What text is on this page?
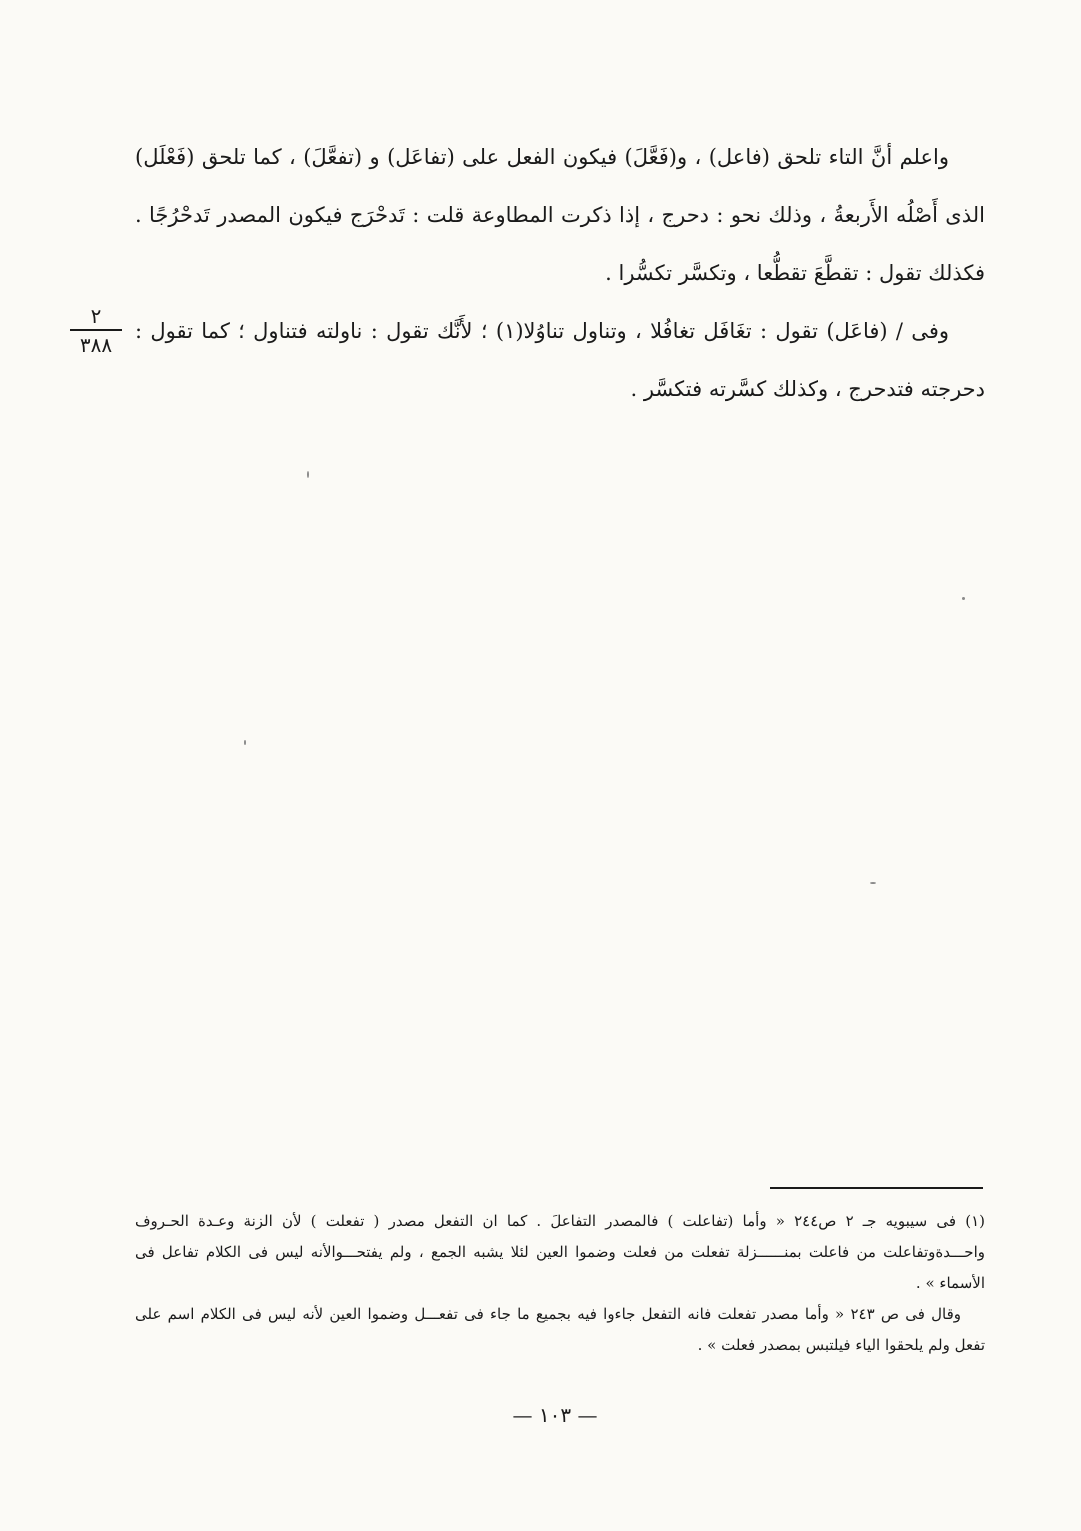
واعلم أنَّ التاء تلحق (فاعل) ، و(فَعَّلَ) فيكون الفعل على (تفاعَل) و (تفعَّلَ) ، كما تلحق (فَعْلَل) الذى أَصْلُه الأَربعةُ ، وذلك نحو : دحرج ، إذا ذكرت المطاوعة قلت : تَدحْرَج فيكون المصدر تَدحْرُجًا . فكذلك تقول : تقطَّعَ تقطُّعا ، وتكسَّر تكسُّرا .

وفى / (فاعَل) تقول : تغَافَل تغافُلا ، وتناول تناوُلا(١) ؛ لأَنَّك تقول : ناولته فتناول ؛ كما تقول : دحرجته فتدحرج ، وكذلك كسَّرته فتكسَّر .

٢
٣٨٨

(١) فى سيبويه جـ ٢ ص٢٤٤ « وأما (تفاعلت ) فالمصدر التفاعلَ . كما ان التفعل مصدر ( تفعلت ) لأن الزنة وعـدة الحـروف واحـــدةوتفاعلت من فاعلت بمنــــــزلة تفعلت من فعلت وضموا العين لئلا يشبه الجمع ، ولم يفتحـــوالأنه ليس فى الكلام تفاعل فى الأسماء » .

وقال فى ص ٢٤٣ « وأما مصدر تفعلت فانه التفعل جاءوا فيه بجميع ما جاء فى تفعـــل وضموا العين لأنه ليس فى الكلام اسم على تفعل ولم يلحقوا الياء فيلتبس بمصدر فعلت » .

— ١٠٣ —
